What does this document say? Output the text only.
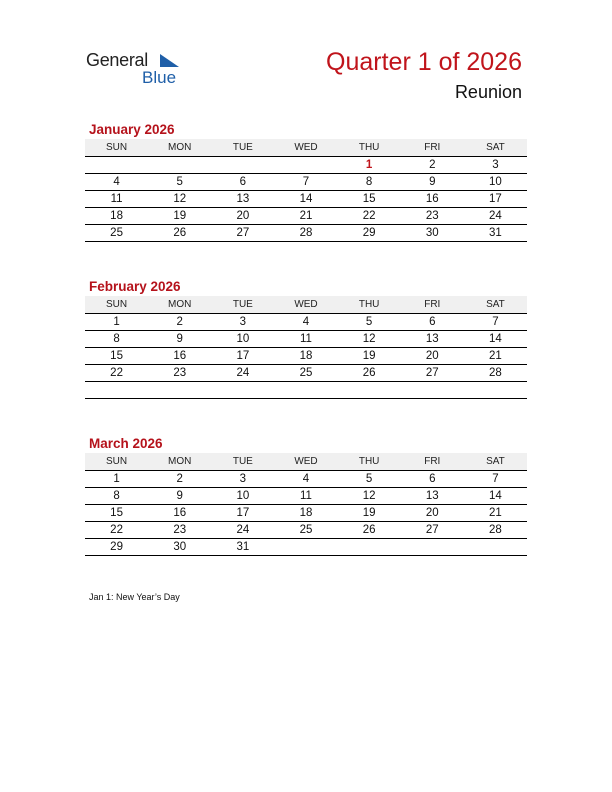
General
Blue
Quarter 1 of 2026
Reunion
January 2026
SUN	MON	TUE	WED	THU	FRI	SAT
				1	2	3
4	5	6	7	8	9	10
11	12	13	14	15	16	17
18	19	20	21	22	23	24
25	26	27	28	29	30	31
February 2026
SUN	MON	TUE	WED	THU	FRI	SAT
1	2	3	4	5	6	7
8	9	10	11	12	13	14
15	16	17	18	19	20	21
22	23	24	25	26	27	28

March 2026
SUN	MON	TUE	WED	THU	FRI	SAT
1	2	3	4	5	6	7
8	9	10	11	12	13	14
15	16	17	18	19	20	21
22	23	24	25	26	27	28
29	30	31				
Jan 1: New Year’s Day
